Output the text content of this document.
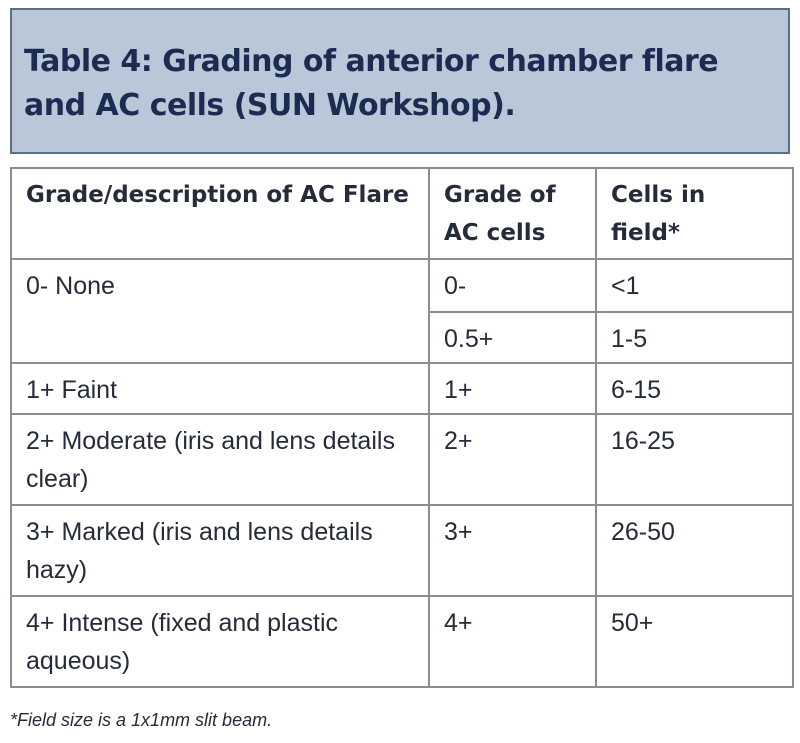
Table 4: Grading of anterior chamber flare and AC cells (SUN Workshop).
Grade/description of AC Flare	Grade of AC cells	Cells in field*
0- None	0-	<1
	0.5+	1-5
1+ Faint	1+	6-15
2+ Moderate (iris and lens details clear)	2+	16-25
3+ Marked (iris and lens details hazy)	3+	26-50
4+ Intense (fixed and plastic aqueous)	4+	50+
*Field size is a 1x1mm slit beam.
